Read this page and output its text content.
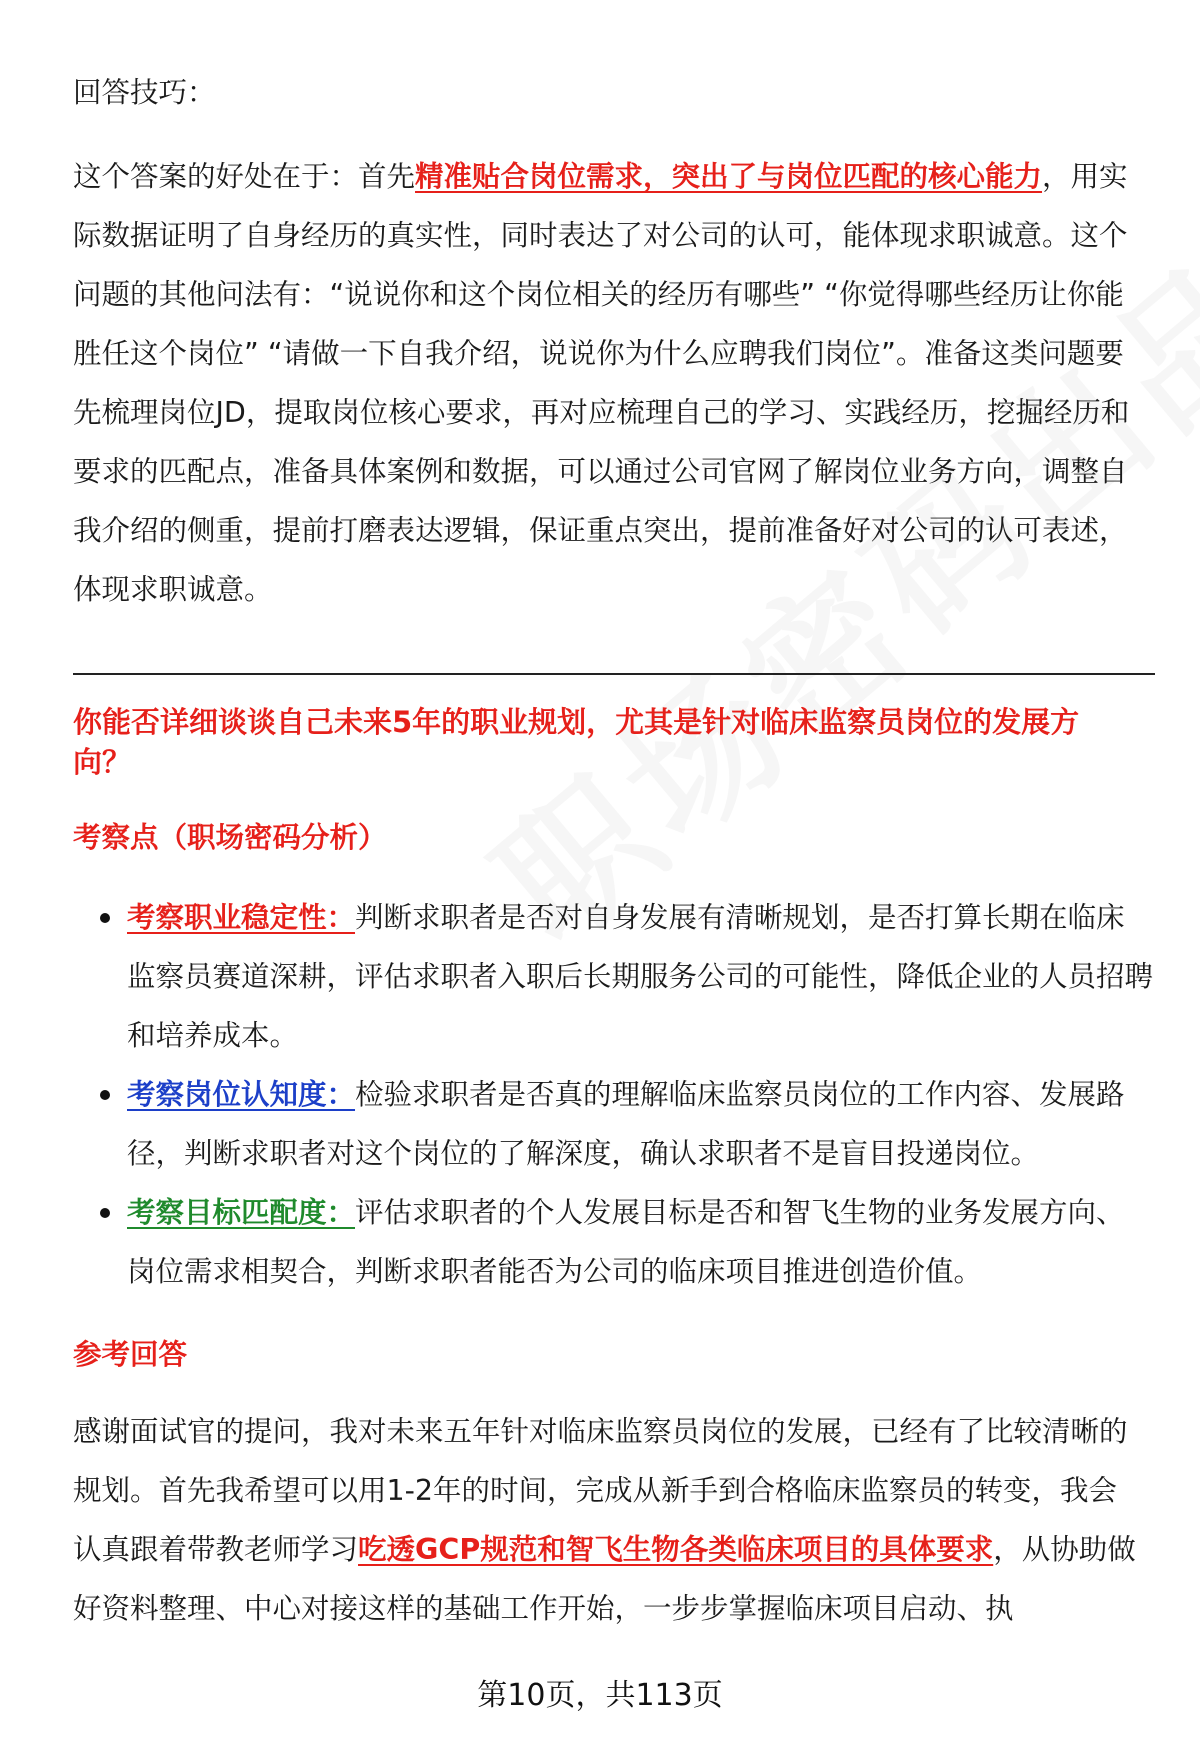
回答技巧：
这个答案的好处在于：首先精准贴合岗位需求，突出了与岗位匹配的核心能力，用实际数据证明了自身经历的真实性，同时表达了对公司的认可，能体现求职诚意。这个问题的其他问法有：“说说你和这个岗位相关的经历有哪些” “你觉得哪些经历让你能胜任这个岗位” “请做一下自我介绍，说说你为什么应聘我们岗位”。准备这类问题要先梳理岗位JD，提取岗位核心要求，再对应梳理自己的学习、实践经历，挖掘经历和要求的匹配点，准备具体案例和数据，可以通过公司官网了解岗位业务方向，调整自我介绍的侧重，提前打磨表达逻辑，保证重点突出，提前准备好对公司的认可表述，体现求职诚意。
你能否详细谈谈自己未来5年的职业规划，尤其是针对临床监察员岗位的发展方向？
考察点（职场密码分析）
考察职业稳定性：判断求职者是否对自身发展有清晰规划，是否打算长期在临床监察员赛道深耕，评估求职者入职后长期服务公司的可能性，降低企业的人员招聘和培养成本。
考察岗位认知度：检验求职者是否真的理解临床监察员岗位的工作内容、发展路径，判断求职者对这个岗位的了解深度，确认求职者不是盲目投递岗位。
考察目标匹配度：评估求职者的个人发展目标是否和智飞生物的业务发展方向、岗位需求相契合，判断求职者能否为公司的临床项目推进创造价值。
参考回答
感谢面试官的提问，我对未来五年针对临床监察员岗位的发展，已经有了比较清晰的规划。首先我希望可以用1-2年的时间，完成从新手到合格临床监察员的转变，我会认真跟着带教老师学习吃透GCP规范和智飞生物各类临床项目的具体要求，从协助做好资料整理、中心对接这样的基础工作开始，一步步掌握临床项目启动、执
第10页，共113页
